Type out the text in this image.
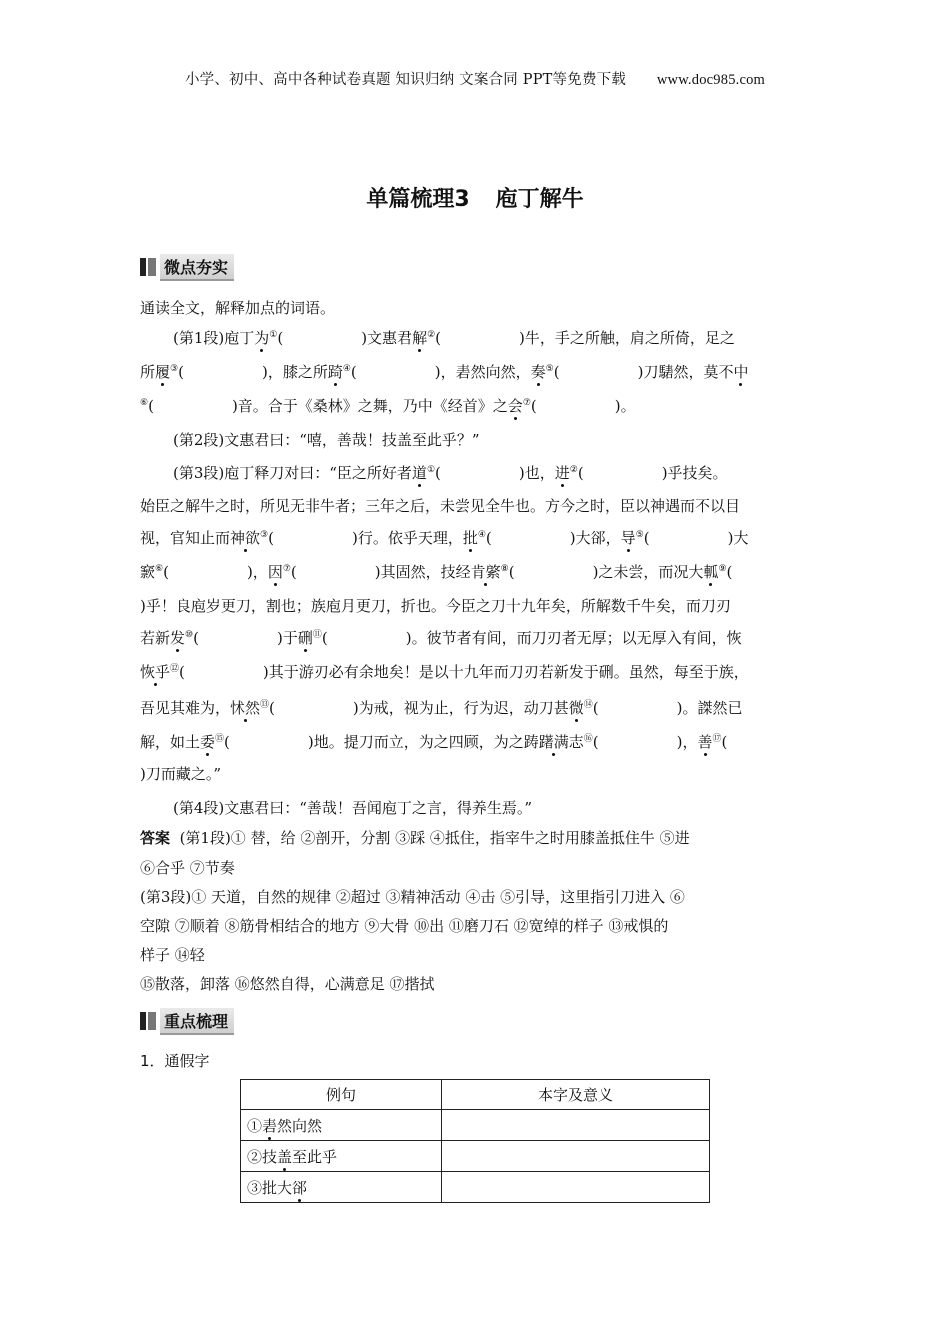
小学、初中、高中各种试卷真题 知识归纳 文案合同 PPT等免费下载 www.doc985.com
单篇梳理3 庖丁解牛
微点夯实
通读全文，解释加点的词语。
(第1段)庖丁为①(	)文惠君解②(	)牛，手之所触，肩之所倚，足之
所履③(	)，膝之所踦④(	)，砉然向然，奏⑤(	)刀騞然，莫不中
⑥(	)音。合于《桑林》之舞，乃中《经首》之会⑦(	)。
(第2段)文惠君曰：“嘻，善哉！技盖至此乎？”
(第3段)庖丁释刀对曰：“臣之所好者道①(	)也，进②(	)乎技矣。
始臣之解牛之时，所见无非牛者；三年之后，未尝见全牛也。方今之时，臣以神遇而不以目
视，官知止而神欲③(	)行。依乎天理，批④(	)大郤，导⑤(	)大
窾⑥(	)，因⑦(	)其固然，技经肯綮⑧(	)之未尝，而况大軱⑨(
)乎！良庖岁更刀，割也；族庖月更刀，折也。今臣之刀十九年矣，所解数千牛矣，而刀刃
若新发⑩(	)于硎⑪(	)。彼节者有间，而刀刃者无厚；以无厚入有间，恢
恢乎⑫(	)其于游刃必有余地矣！是以十九年而刀刃若新发于硎。虽然，每至于族，
吾见其难为，怵然⑬(	)为戒，视为止，行为迟，动刀甚微⑭(	)。謋然已
解，如土委⑮(	)地。提刀而立，为之四顾，为之踌躇满志⑯(	)，善⑰(
)刀而藏之。”
(第4段)文惠君曰：“善哉！吾闻庖丁之言，得养生焉。”
答案 (第1段)① 替，给 ②剖开，分割 ③踩 ④抵住，指宰牛之时用膝盖抵住牛 ⑤进
⑥合乎 ⑦节奏
(第3段)① 天道，自然的规律 ②超过 ③精神活动 ④击 ⑤引导，这里指引刀进入 ⑥
空隙 ⑦顺着 ⑧筋骨相结合的地方 ⑨大骨 ⑩出 ⑪磨刀石 ⑫宽绰的样子 ⑬戒惧的
样子 ⑭轻
⑮散落，卸落 ⑯悠然自得，心满意足 ⑰揩拭
重点梳理
1．通假字
例句	本字及意义
①砉然向然	
②技盖至此乎	
③批大郤	
